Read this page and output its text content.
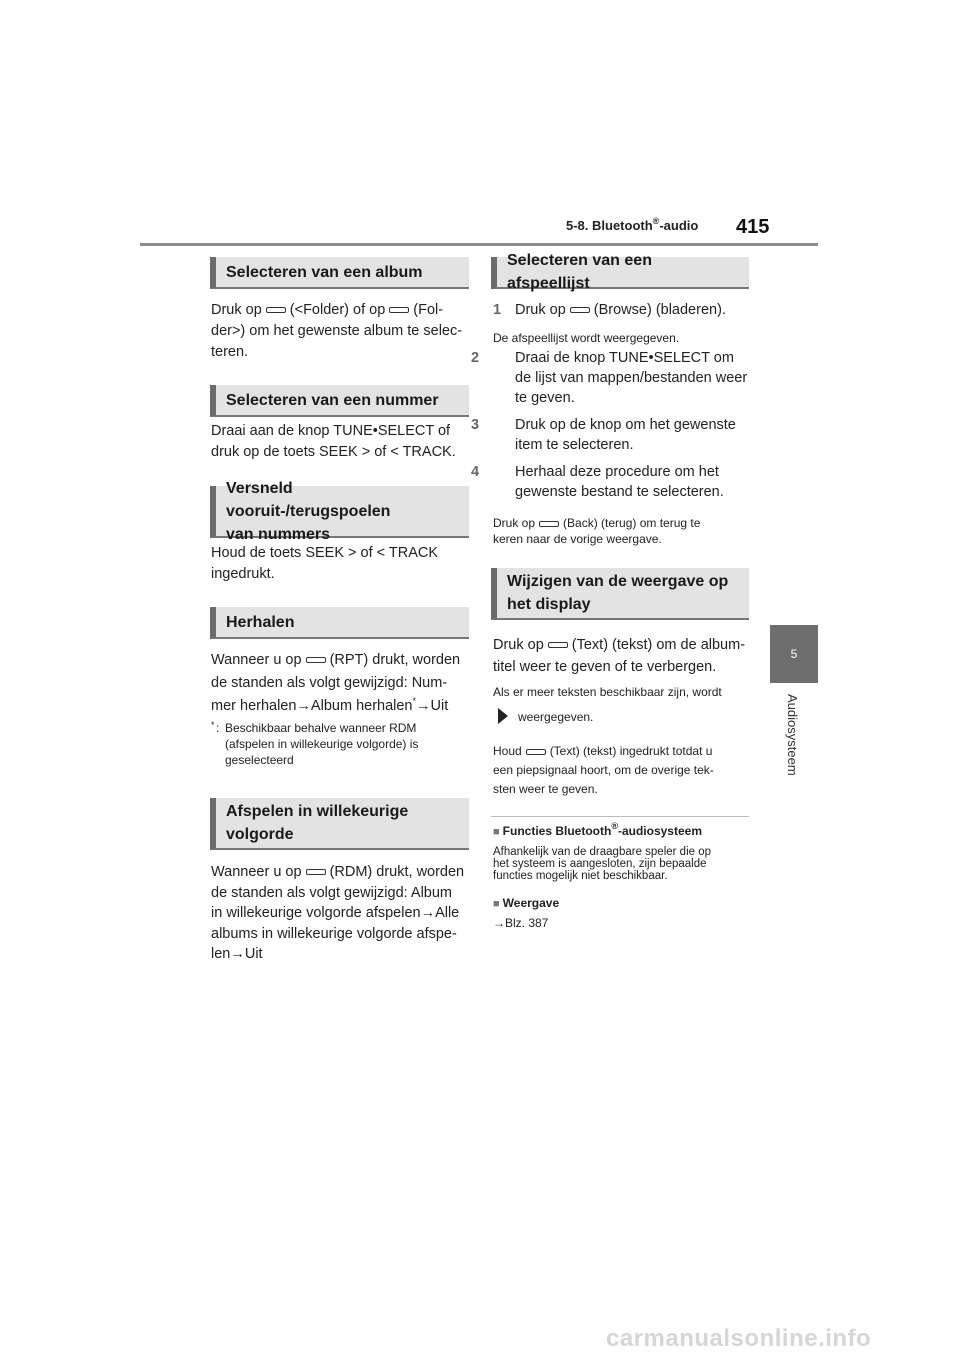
5-8. Bluetooth®-audio 415
5
Audiosysteem
Selecteren van een album

Druk op (<Folder) of op (Fol-

der>) om het gewenste album te selec-

teren.

Selecteren van een nummer

Draai aan de knop TUNE•SELECT of

druk op de toets SEEK > of < TRACK.

Versneld vooruit-/terugspoelen
van nummers

Houd de toets SEEK > of < TRACK

ingedrukt.

Herhalen

Wanneer u op (RPT) drukt, worden

de standen als volgt gewijzigd: Num-

mer herhalen→Album herhalen*→Uit

* : Beschikbaar behalve wanneer RDM

(afspelen in willekeurige volgorde) is

geselecteerd

Afspelen in willekeurige
volgorde

Wanneer u op (RDM) drukt, worden

de standen als volgt gewijzigd: Album

in willekeurige volgorde afspelen→Alle

albums in willekeurige volgorde afspe-

len→Uit

Selecteren van een afspeellijst

1 Druk op (Browse) (bladeren).

De afspeellijst wordt weergegeven.

2 Draai de knop TUNE•SELECT om

de lijst van mappen/bestanden weer

te geven.

3 Druk op de knop om het gewenste

item te selecteren.

4 Herhaal deze procedure om het

gewenste bestand te selecteren.

Druk op (Back) (terug) om terug te

keren naar de vorige weergave.

Wijzigen van de weergave op
het display

Druk op (Text) (tekst) om de album-

titel weer te geven of te verbergen.

Als er meer teksten beschikbaar zijn, wordt
weergegeven.

Houd (Text) (tekst) ingedrukt totdat u

een piepsignaal hoort, om de overige tek-

sten weer te geven.

■ Functies Bluetooth®-audiosysteem

Afhankelijk van de draagbare speler die op

het systeem is aangesloten, zijn bepaalde

functies mogelijk niet beschikbaar.

■ Weergave
→Blz. 387
carmanualsonline.info
